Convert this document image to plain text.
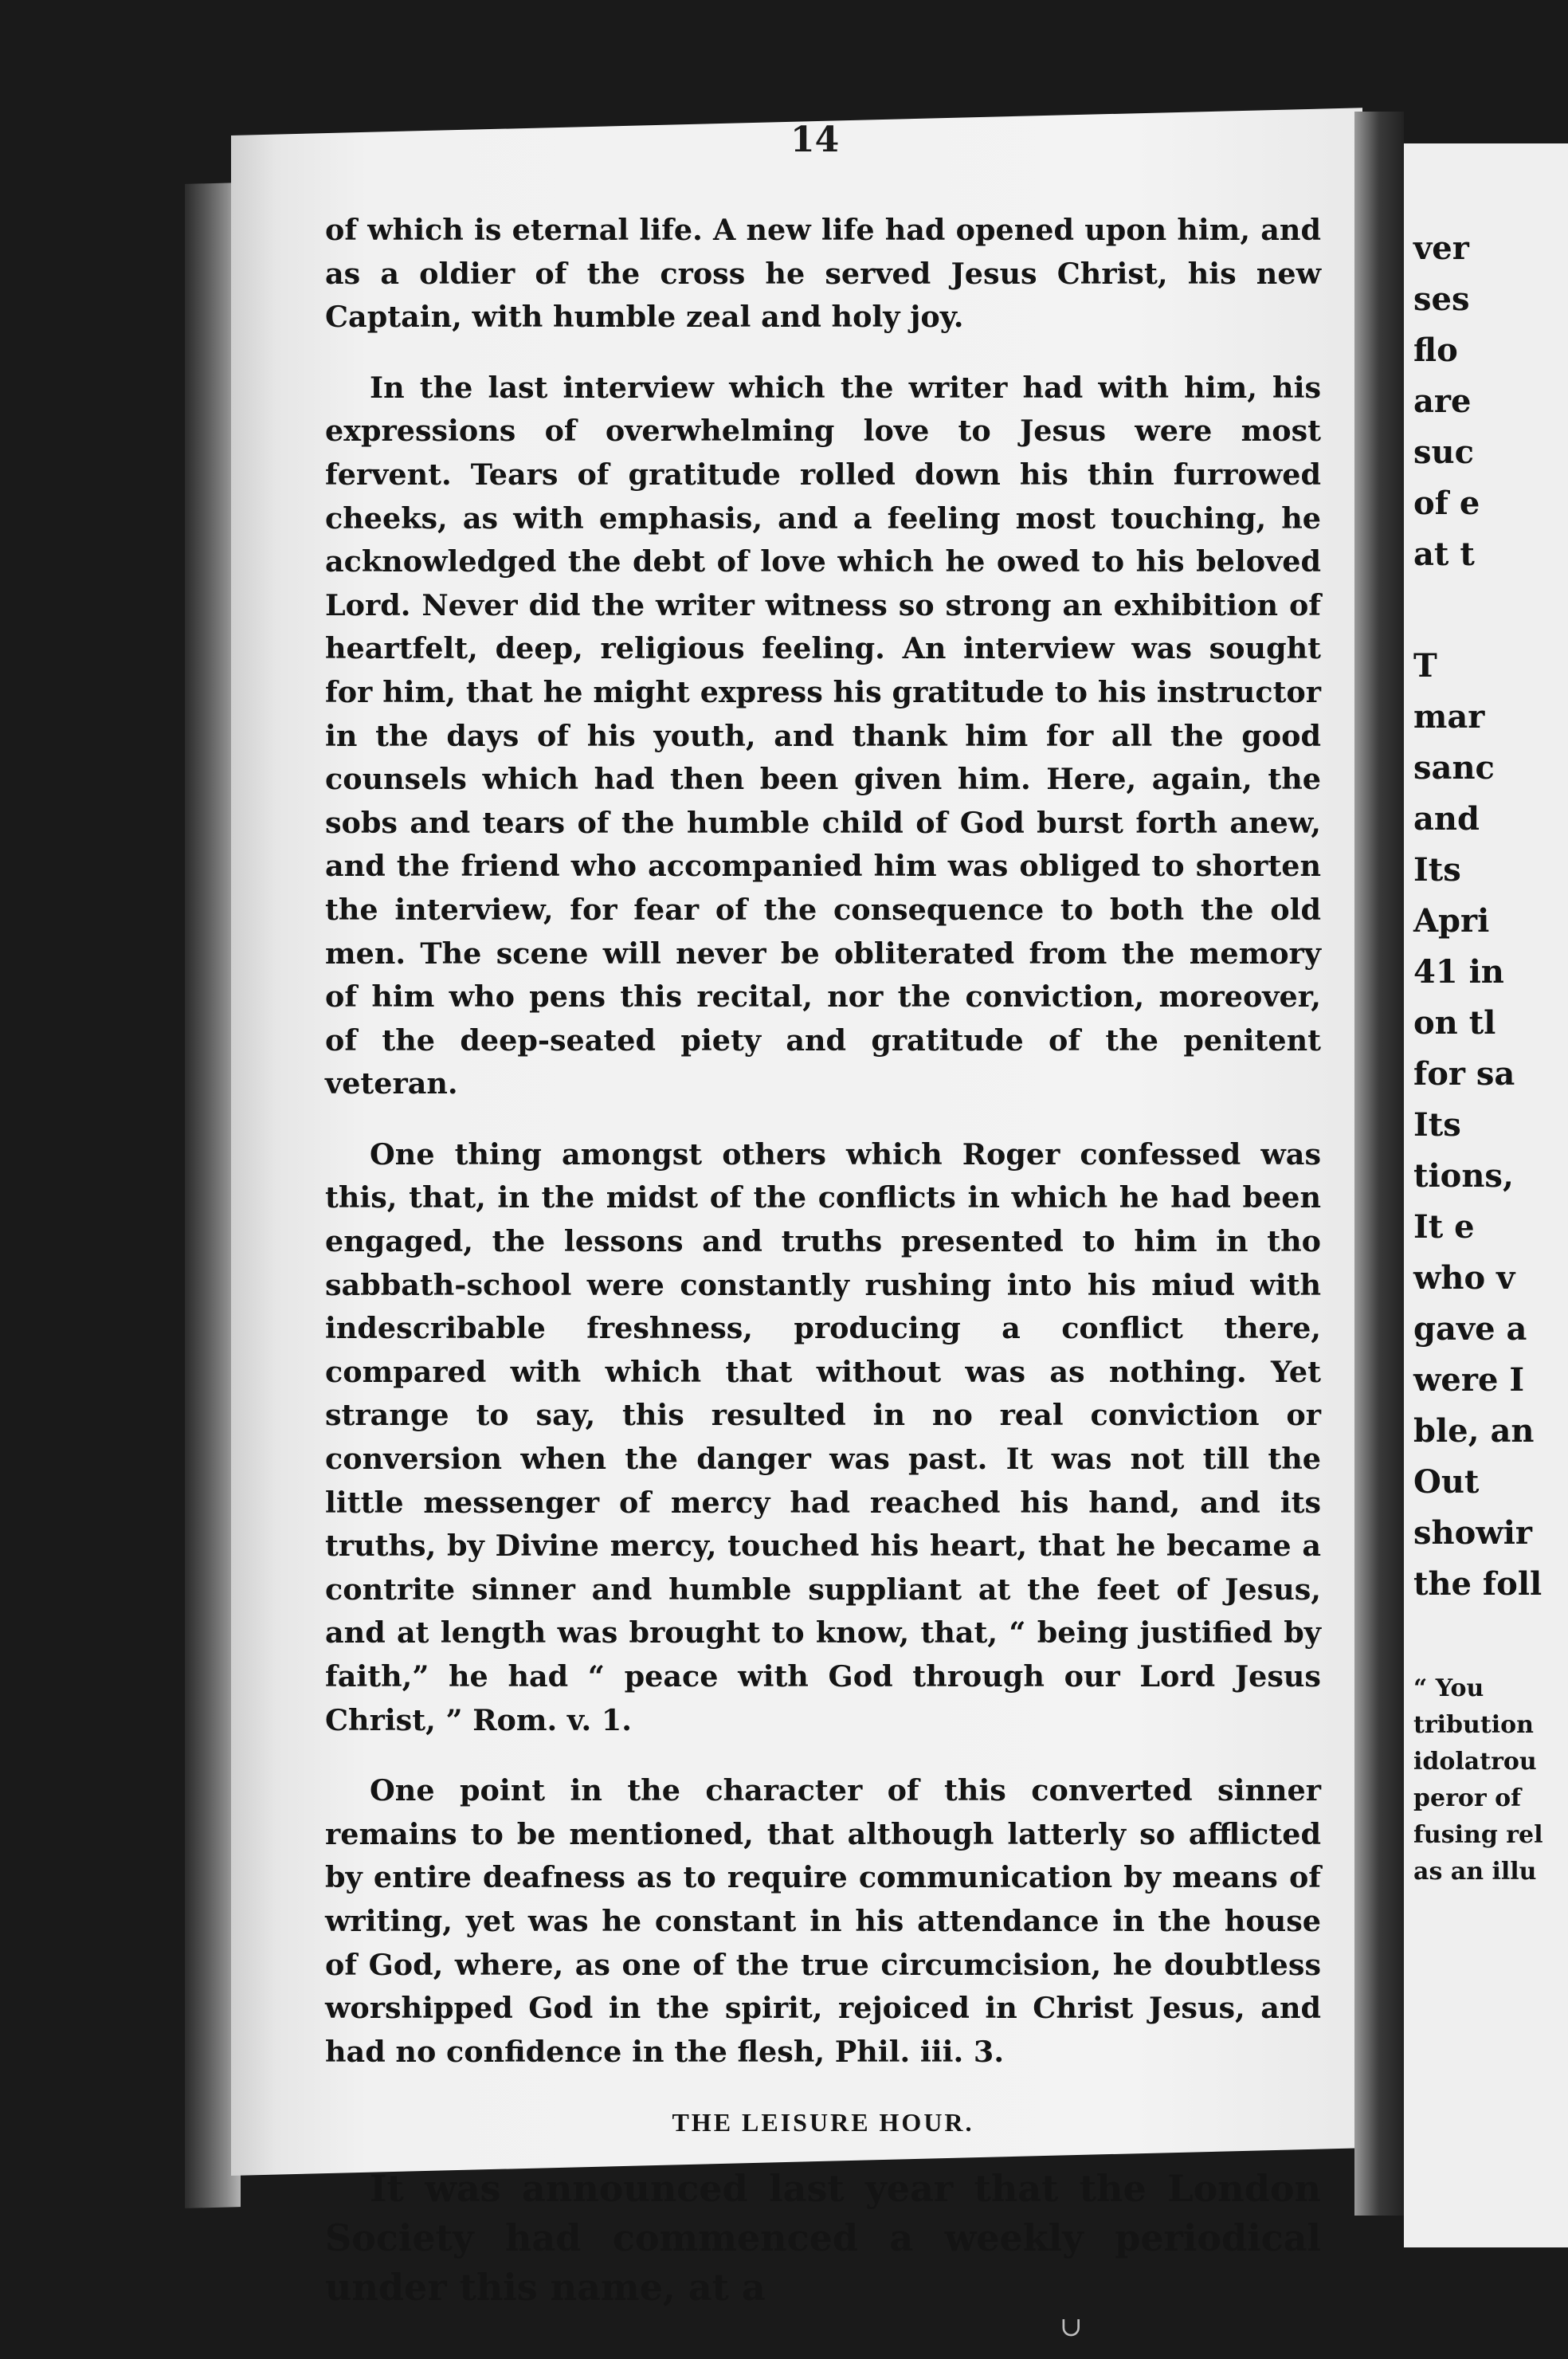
ver
ses
flo
are
suc
of e
at t
T
mar
sanc
and
Its
Apri
41 in
on tl
for sa
Its
tions,
It e
who v
gave a
were I
ble, an
Out
showir
the foll
“ You
tribution
idolatrou
peror of
fusing rel
as an illu
14

of which is eternal life. A new life had opened upon him, and as a oldier of the cross he served Jesus Christ, his new Captain, with humble zeal and holy joy.

In the last interview which the writer had with him, his expressions of overwhelming love to Jesus were most fervent. Tears of gratitude rolled down his thin furrowed cheeks, as with emphasis, and a feeling most touching, he acknowledged the debt of love which he owed to his beloved Lord. Never did the writer witness so strong an exhibition of heartfelt, deep, religious feeling. An interview was sought for him, that he might express his gratitude to his instructor in the days of his youth, and thank him for all the good counsels which had then been given him. Here, again, the sobs and tears of the humble child of God burst forth anew, and the friend who accompanied him was obliged to shorten the interview, for fear of the consequence to both the old men. The scene will never be obliterated from the memory of him who pens this recital, nor the conviction, moreover, of the deep-seated piety and gratitude of the penitent veteran.

One thing amongst others which Roger confessed was this, that, in the midst of the conflicts in which he had been engaged, the lessons and truths presented to him in tho sabbath-school were constantly rushing into his miud with indescribable freshness, producing a conflict there, compared with which that without was as nothing. Yet strange to say, this resulted in no real conviction or conversion when the danger was past. It was not till the little messenger of mercy had reached his hand, and its truths, by Divine mercy, touched his heart, that he became a contrite sinner and humble suppliant at the feet of Jesus, and at length was brought to know, that, “ being justified by faith,” he had “ peace with God through our Lord Jesus Christ, ” Rom. v. 1.

One point in the character of this converted sinner remains to be mentioned, that although latterly so afflicted by entire deafness as to require communication by means of writing, yet was he constant in his attendance in the house of God, where, as one of the true circumcision, he doubtless worshipped God in the spirit, rejoiced in Christ Jesus, and had no confidence in the flesh, Phil. iii. 3.

THE LEISURE HOUR.

It was announced last year that the London Society had commenced a weekly periodical under this name, at a

∪
